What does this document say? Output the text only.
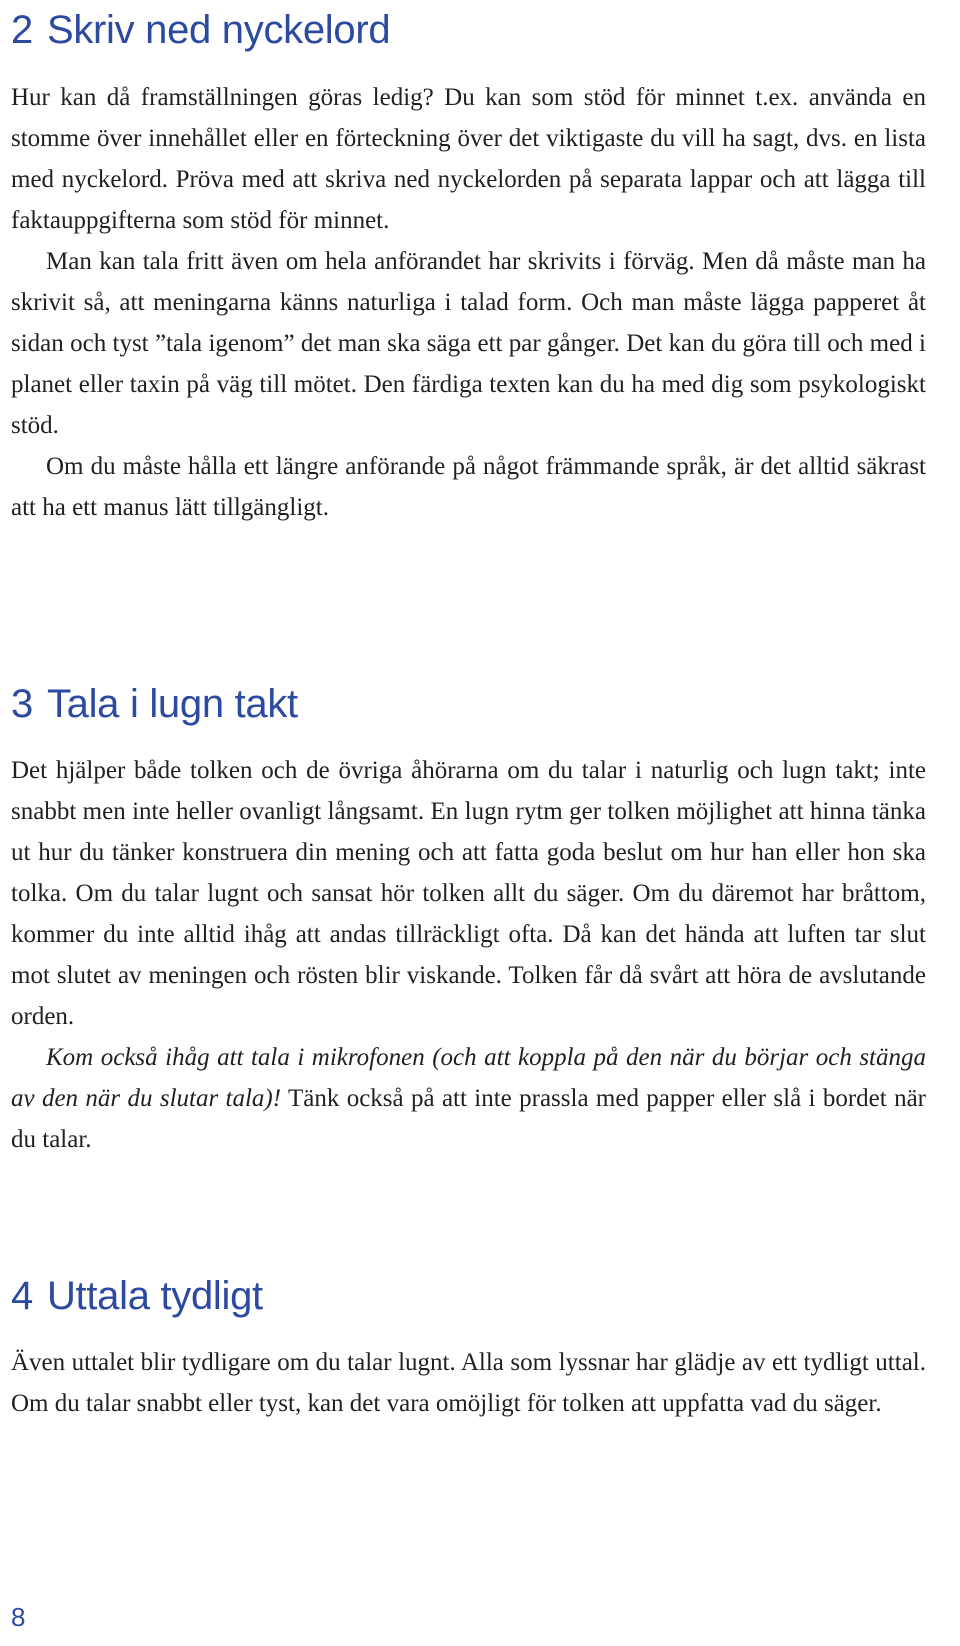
2 Skriv ned nyckelord

Hur kan då framställningen göras ledig? Du kan som stöd för minnet t.ex. använda en stomme över innehållet eller en förteckning över det viktigaste du vill ha sagt, dvs. en lista med nyckelord. Pröva med att skriva ned nyckelorden på separata lappar och att lägga till faktauppgifterna som stöd för minnet.

Man kan tala fritt även om hela anförandet har skrivits i förväg. Men då måste man ha skrivit så, att meningarna känns naturliga i talad form. Och man måste lägga papperet åt sidan och tyst ”tala igenom” det man ska säga ett par gånger. Det kan du göra till och med i planet eller taxin på väg till mötet. Den färdiga texten kan du ha med dig som psykologiskt stöd.

Om du måste hålla ett längre anförande på något främmande språk, är det alltid säkrast att ha ett manus lätt tillgängligt.

3 Tala i lugn takt

Det hjälper både tolken och de övriga åhörarna om du talar i naturlig och lugn takt; inte snabbt men inte heller ovanligt långsamt. En lugn rytm ger tolken möjlighet att hinna tänka ut hur du tänker konstruera din mening och att fatta goda beslut om hur han eller hon ska tolka. Om du talar lugnt och sansat hör tolken allt du säger. Om du däremot har bråttom, kommer du inte alltid ihåg att andas tillräckligt ofta. Då kan det hända att luften tar slut mot slutet av meningen och rösten blir viskande. Tolken får då svårt att höra de avslutande orden.

Kom också ihåg att tala i mikrofonen (och att koppla på den när du börjar och stänga av den när du slutar tala)! Tänk också på att inte prassla med papper eller slå i bordet när du talar.

4 Uttala tydligt

Även uttalet blir tydligare om du talar lugnt. Alla som lyssnar har glädje av ett tydligt uttal. Om du talar snabbt eller tyst, kan det vara omöjligt för tolken att uppfatta vad du säger.

8
